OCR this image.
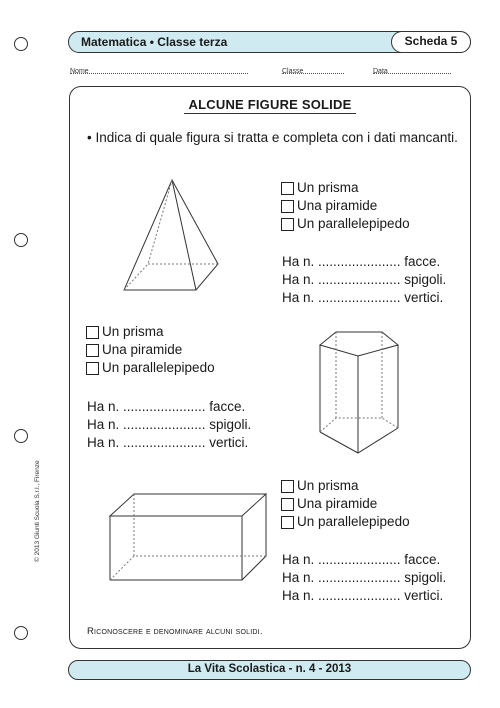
Matematica • Classe terza	Scheda 5
Nome	Classe	Data
ALCUNE FIGURE SOLIDE
• Indica di quale figura si tratta e completa con i dati mancanti.
Un prisma
Una piramide
Un parallelepipedo
Ha n. ...................... facce.
Ha n. ...................... spigoli.
Ha n. ...................... vertici.
Un prisma
Una piramide
Un parallelepipedo
Ha n. ...................... facce.
Ha n. ...................... spigoli.
Ha n. ...................... vertici.
Un prisma
Una piramide
Un parallelepipedo
Ha n. ...................... facce.
Ha n. ...................... spigoli.
Ha n. ...................... vertici.
Riconoscere e denominare alcuni solidi.
© 2013 Giunti Scuola S.r.l., Firenze
La Vita Scolastica - n. 4 - 2013
